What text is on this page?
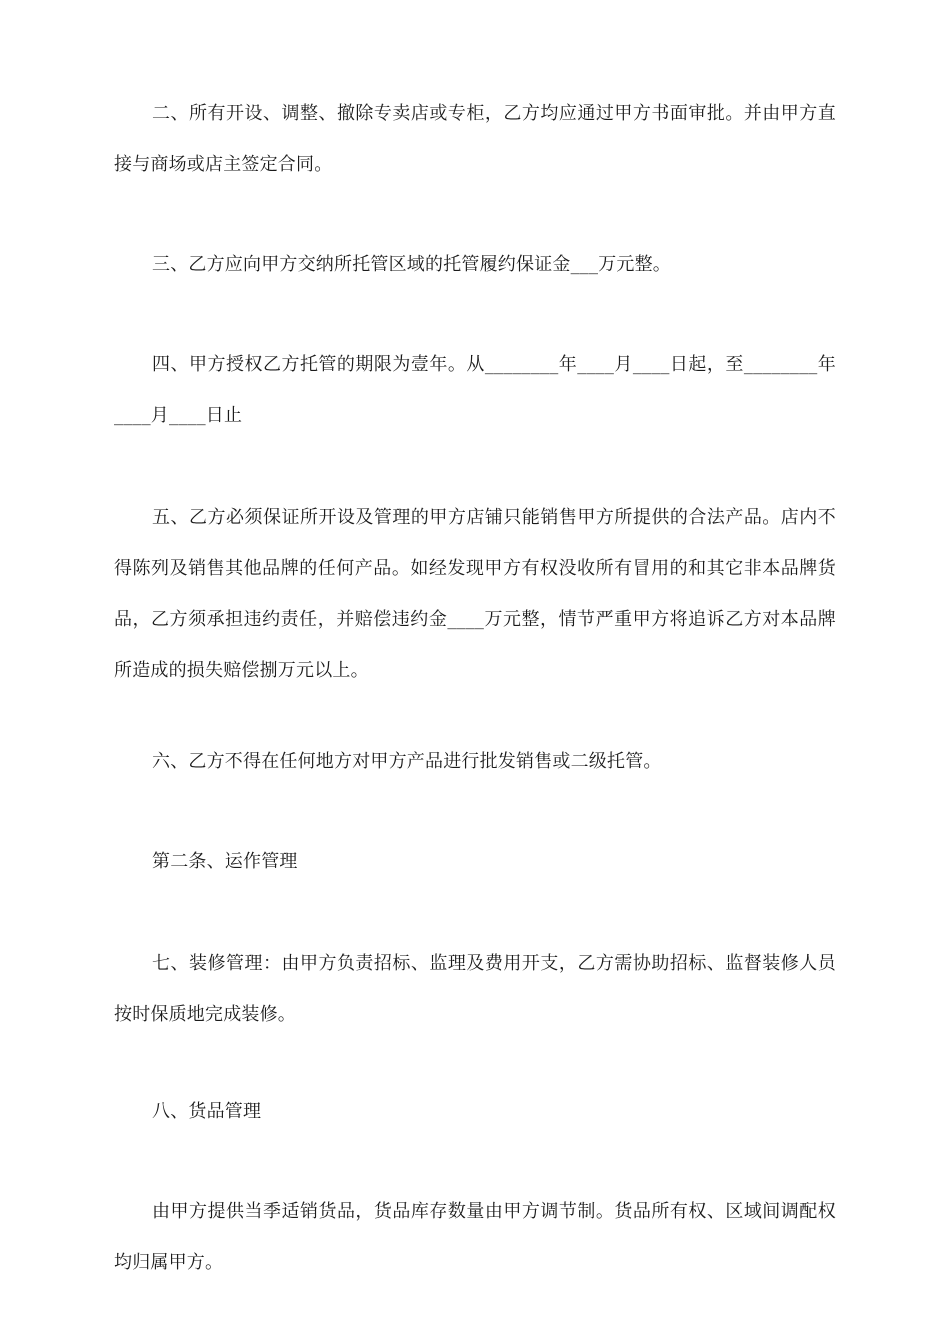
二、所有开设、调整、撤除专卖店或专柜，乙方均应通过甲方书面审批。并由甲方直接与商场或店主签定合同。

三、乙方应向甲方交纳所托管区域的托管履约保证金___万元整。

四、甲方授权乙方托管的期限为壹年。从________年____月____日起，至________年____月____日止

五、乙方必须保证所开设及管理的甲方店铺只能销售甲方所提供的合法产品。店内不得陈列及销售其他品牌的任何产品。如经发现甲方有权没收所有冒用的和其它非本品牌货品，乙方须承担违约责任，并赔偿违约金____万元整，情节严重甲方将追诉乙方对本品牌所造成的损失赔偿捌万元以上。

六、乙方不得在任何地方对甲方产品进行批发销售或二级托管。

第二条、运作管理

七、装修管理：由甲方负责招标、监理及费用开支，乙方需协助招标、监督装修人员按时保质地完成装修。

八、货品管理

由甲方提供当季适销货品，货品库存数量由甲方调节制。货品所有权、区域间调配权均归属甲方。
